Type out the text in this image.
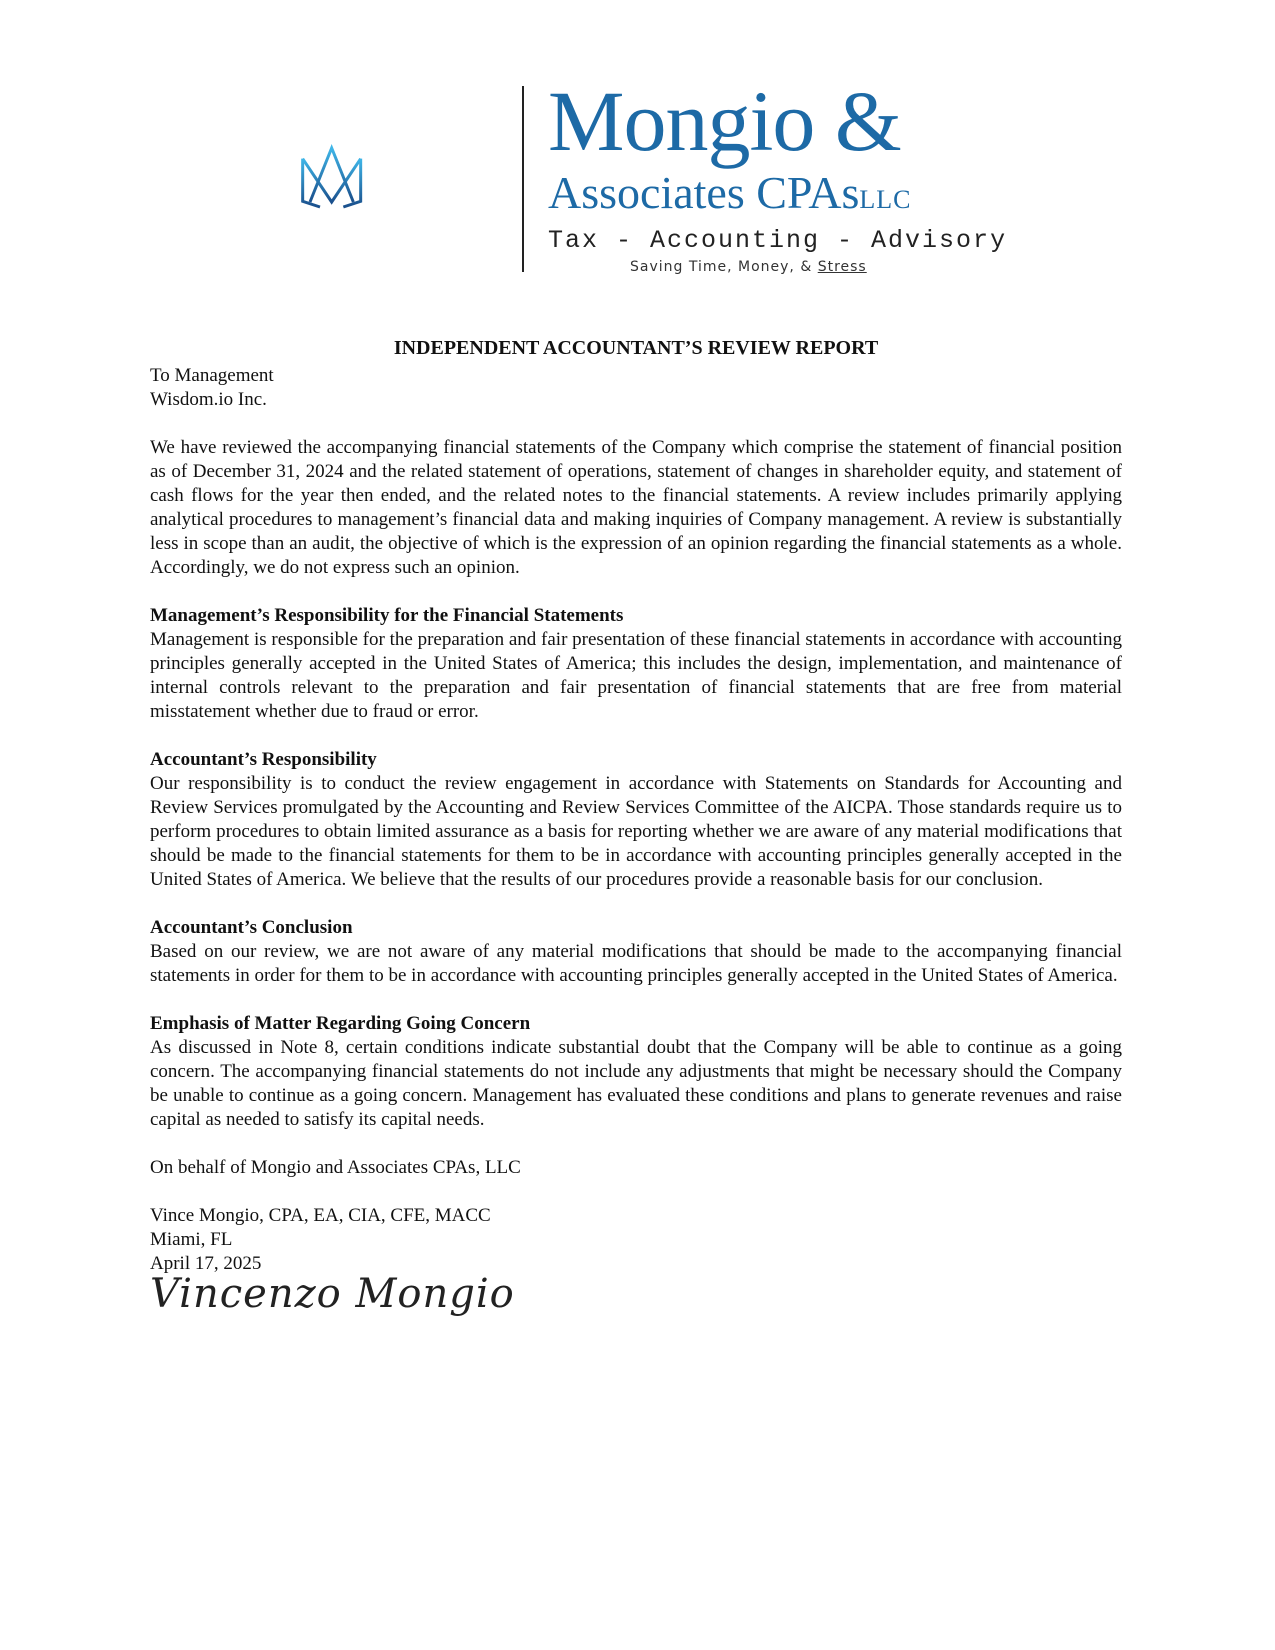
Mongio &
Associates CPAsLLC
Tax - Accounting - Advisory
Saving Time, Money, & Stress
INDEPENDENT ACCOUNTANT’S REVIEW REPORT

To Management
Wisdom.io Inc.

We have reviewed the accompanying financial statements of the Company which comprise the statement of financial position as of December 31, 2024 and the related statement of operations, statement of changes in shareholder equity, and statement of cash flows for the year then ended, and the related notes to the financial statements. A review includes primarily applying analytical procedures to management’s financial data and making inquiries of Company management. A review is substantially less in scope than an audit, the objective of which is the expression of an opinion regarding the financial statements as a whole. Accordingly, we do not express such an opinion.

Management’s Responsibility for the Financial Statements
Management is responsible for the preparation and fair presentation of these financial statements in accordance with accounting principles generally accepted in the United States of America; this includes the design, implementation, and maintenance of internal controls relevant to the preparation and fair presentation of financial statements that are free from material misstatement whether due to fraud or error.

Accountant’s Responsibility
Our responsibility is to conduct the review engagement in accordance with Statements on Standards for Accounting and Review Services promulgated by the Accounting and Review Services Committee of the AICPA. Those standards require us to perform procedures to obtain limited assurance as a basis for reporting whether we are aware of any material modifications that should be made to the financial statements for them to be in accordance with accounting principles generally accepted in the United States of America. We believe that the results of our procedures provide a reasonable basis for our conclusion.

Accountant’s Conclusion
Based on our review, we are not aware of any material modifications that should be made to the accompanying financial statements in order for them to be in accordance with accounting principles generally accepted in the United States of America.

Emphasis of Matter Regarding Going Concern
As discussed in Note 8, certain conditions indicate substantial doubt that the Company will be able to continue as a going concern. The accompanying financial statements do not include any adjustments that might be necessary should the Company be unable to continue as a going concern. Management has evaluated these conditions and plans to generate revenues and raise capital as needed to satisfy its capital needs.

On behalf of Mongio and Associates CPAs, LLC

Vince Mongio, CPA, EA, CIA, CFE, MACC
Miami, FL
April 17, 2025
Vincenzo Mongio
